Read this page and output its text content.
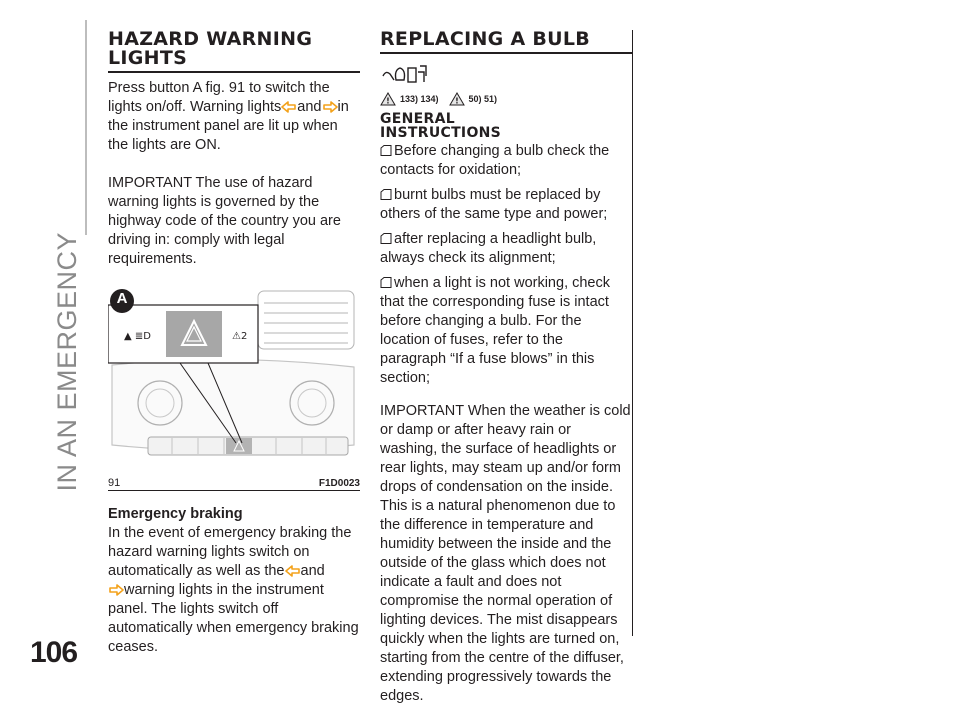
IN AN EMERGENCY
106
HAZARD WARNING
LIGHTS

Press button A fig. 91 to switch the lights on/off. Warning lights and in the instrument panel are lit up when the lights are ON.

IMPORTANT The use of hazard warning lights is governed by the highway code of the country you are driving in: comply with legal requirements.

▲ ≣D	⚠2
A
91	F1D0023

Emergency braking

In the event of emergency braking the hazard warning lights switch on automatically as well as the and
warning lights in the instrument panel. The lights switch off automatically when emergency braking ceases.

REPLACING A BULB
! 133) 134) ! 50) 51)
GENERAL
INSTRUCTIONS

Before changing a bulb check the contacts for oxidation;

burnt bulbs must be replaced by others of the same type and power;

after replacing a headlight bulb, always check its alignment;

when a light is not working, check that the corresponding fuse is intact before changing a bulb. For the location of fuses, refer to the paragraph “If a fuse blows” in this section;

IMPORTANT When the weather is cold or damp or after heavy rain or washing, the surface of headlights or rear lights, may steam up and/or form drops of condensation on the inside. This is a natural phenomenon due to the difference in temperature and humidity between the inside and the outside of the glass which does not indicate a fault and does not compromise the normal operation of lighting devices. The mist disappears quickly when the lights are turned on, starting from the centre of the diffuser, extending progressively towards the edges.
